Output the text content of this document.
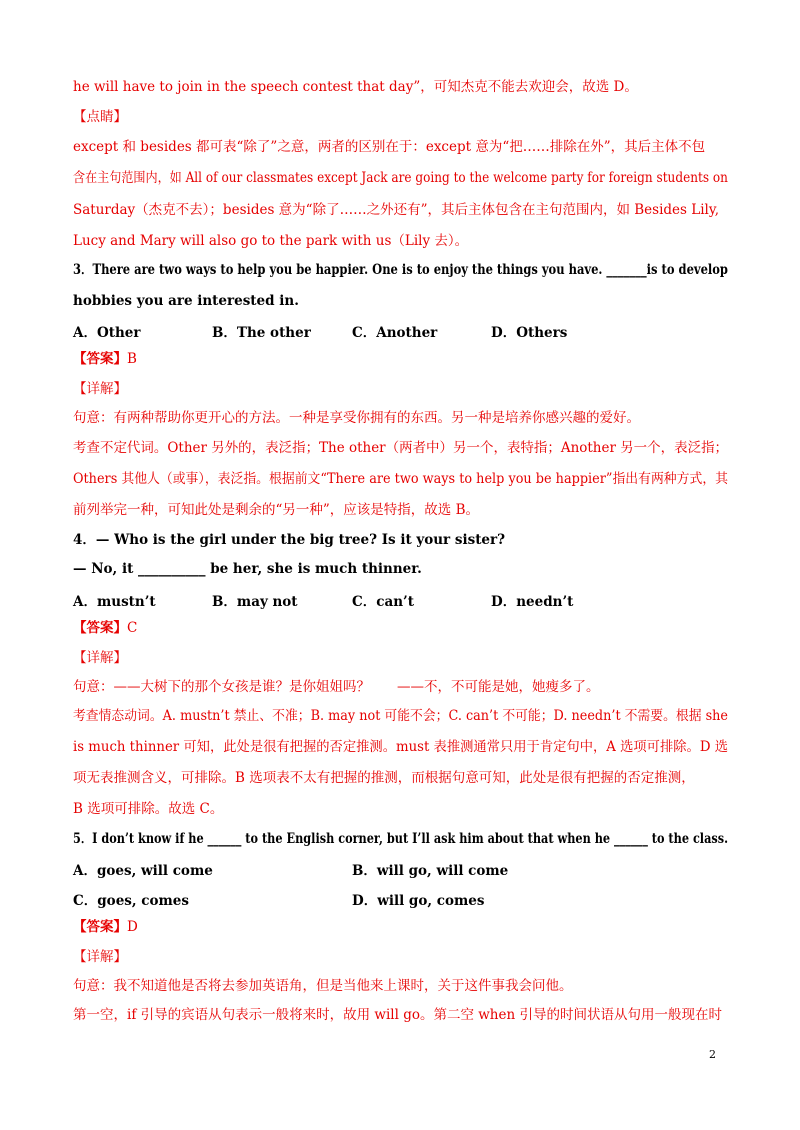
he will have to join in the speech contest that day”，可知杰克不能去欢迎会，故选 D。
【点睛】
except 和 besides 都可表“除了”之意，两者的区别在于：except 意为“把……排除在外”，其后主体不包
含在主句范围内，如 All of our classmates except Jack are going to the welcome party for foreign students on
Saturday（杰克不去）；besides 意为“除了……之外还有”，其后主体包含在主句范围内，如 Besides Lily,
Lucy and Mary will also go to the park with us（Lily 去）。
3．There are two ways to help you be happier. One is to enjoy the things you have. _______is to develop
hobbies you are interested in.
A．Other	B．The other	C．Another	D．Others
【答案】B
【详解】
句意：有两种帮助你更开心的方法。一种是享受你拥有的东西。另一种是培养你感兴趣的爱好。
考查不定代词。Other 另外的，表泛指；The other（两者中）另一个，表特指；Another 另一个，表泛指；
Others 其他人（或事），表泛指。根据前文“There are two ways to help you be happier”指出有两种方式，其
前列举完一种，可知此处是剩余的“另一种”，应该是特指，故选 B。
4．— Who is the girl under the big tree? Is it your sister?
— No, it __________ be her, she is much thinner.
A．mustn’t	B．may not	C．can’t	D．needn’t
【答案】C
【详解】
句意：——大树下的那个女孩是谁？是你姐姐吗？　　——不，不可能是她，她瘦多了。
考查情态动词。A. mustn’t 禁止、不准；B. may not 可能不会；C. can’t 不可能；D. needn’t 不需要。根据 she
is much thinner 可知，此处是很有把握的否定推测。must 表推测通常只用于肯定句中，A 选项可排除。D 选
项无表推测含义，可排除。B 选项表不太有把握的推测，而根据句意可知，此处是很有把握的否定推测，
B 选项可排除。故选 C。
5．I don’t know if he ______ to the English corner, but I’ll ask him about that when he ______ to the class.
A．goes, will come	B．will go, will come
C．goes, comes	D．will go, comes
【答案】D
【详解】
句意：我不知道他是否将去参加英语角，但是当他来上课时，关于这件事我会问他。
第一空，if 引导的宾语从句表示一般将来时，故用 will go。第二空 when 引导的时间状语从句用一般现在时
2
